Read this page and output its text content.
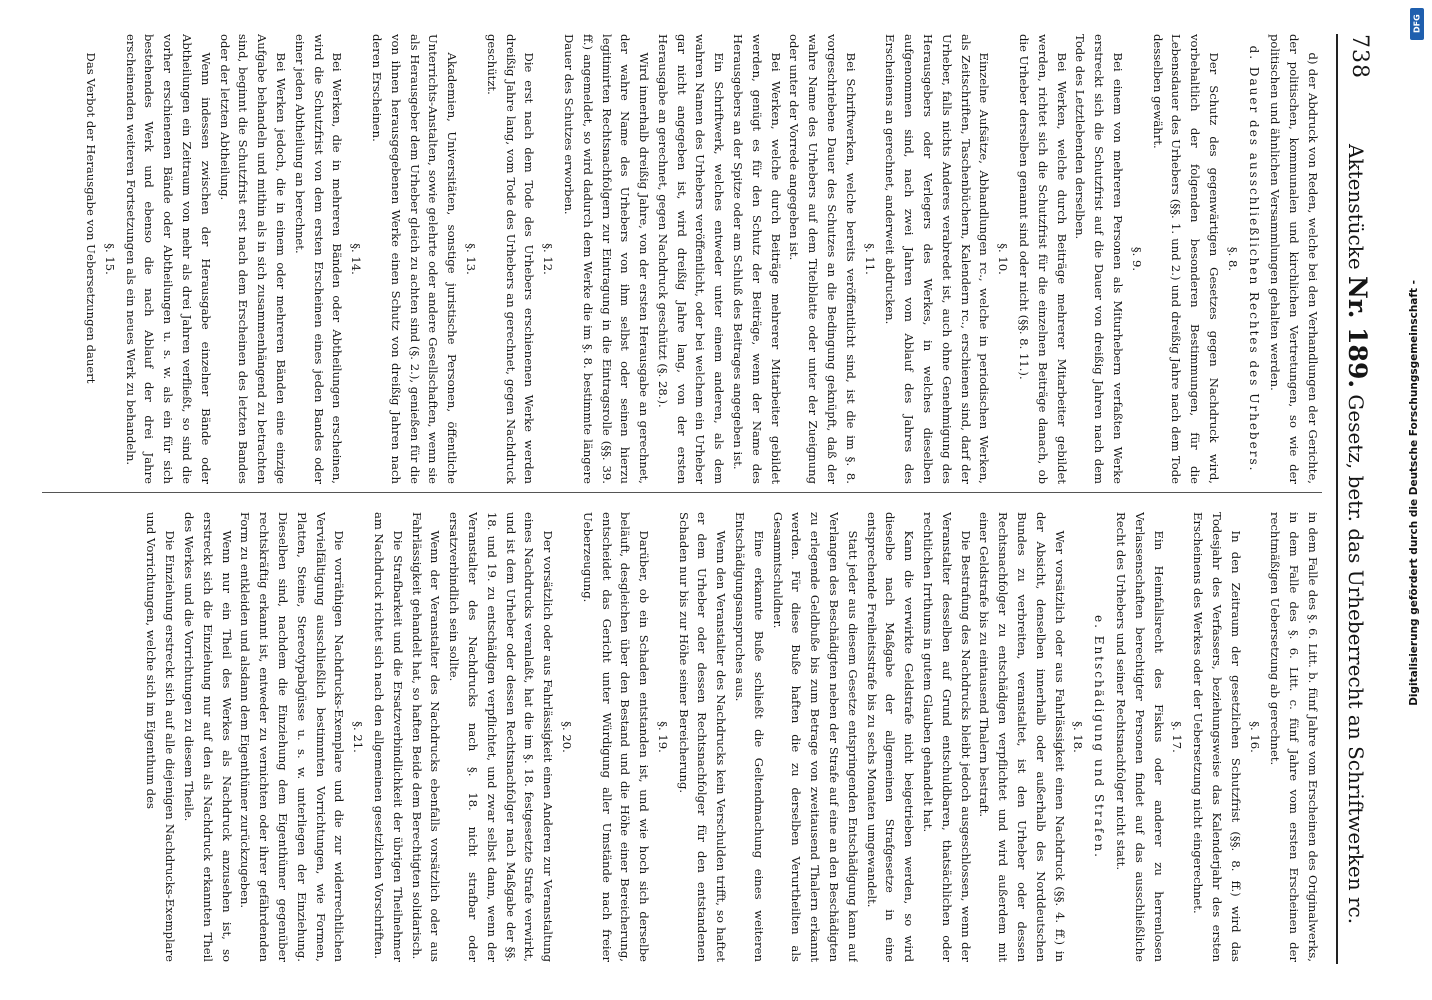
738
Aktenstücke Nr. 189. Gesetz, betr. das Urheberrecht an Schriftwerken rc.

d) der Abdruck von Reden, welche bei den Verhandlungen der Gerichte, der politischen, kommunalen und kirchlichen Vertretungen, so wie der politischen und ähnlichen Versammlungen gehalten werden.

d. Dauer des ausschließlichen Rechtes des Urhebers.

§. 8.

Der Schutz des gegenwärtigen Gesetzes gegen Nachdruck wird, vorbehaltlich der folgenden besonderen Bestimmungen, für die Lebensdauer des Urhebers (§§. 1. und 2.) und dreißig Jahre nach dem Tode desselben gewährt.

§. 9.

Bei einem von mehreren Personen als Miturhebern verfaßten Werke erstreckt sich die Schutzfrist auf die Dauer von dreißig Jahren nach dem Tode des Letztlebenden derselben.

Bei Werken, welche durch Beiträge mehrerer Mitarbeiter gebildet werden, richtet sich die Schutzfrist für die einzelnen Beiträge danach, ob die Urheber derselben genannt sind oder nicht (§§. 8. 11.).

§. 10.

Einzelne Aufsätze, Abhandlungen rc., welche in periodischen Werken, als Zeitschriften, Taschenbüchern, Kalendern rc., erschienen sind, darf der Urheber, falls nichts Anderes verabredet ist, auch ohne Genehmigung des Herausgebers oder Verlegers des Werkes, in welches dieselben aufgenommen sind, nach zwei Jahren vom Ablauf des Jahres des Erscheinens an gerechnet, anderweit abdrucken.

§. 11.

Bei Schriftwerken, welche bereits veröffentlicht sind, ist die im §. 8. vorgeschriebene Dauer des Schutzes an die Bedingung geknüpft, daß der wahre Name des Urhebers auf dem Titelblatte oder unter der Zueignung oder unter der Vorrede angegeben ist.

Bei Werken, welche durch Beiträge mehrerer Mitarbeiter gebildet werden, genügt es für den Schutz der Beiträge, wenn der Name des Herausgebers an der Spitze oder am Schluß des Beitrages angegeben ist.

Ein Schriftwerk, welches entweder unter einem anderen, als dem wahren Namen des Urhebers veröffentlicht, oder bei welchem ein Urheber gar nicht angegeben ist, wird dreißig Jahre lang, von der ersten Herausgabe an gerechnet, gegen Nachdruck geschützt (§. 28.).

Wird innerhalb dreißig Jahre, von der ersten Herausgabe an gerechnet, der wahre Name des Urhebers von ihm selbst oder seinen hierzu legitimirten Rechtsnachfolgern zur Eintragung in die Eintragsrolle (§§. 39. ff.) angemeldet, so wird dadurch dem Werke die im §. 8. bestimmte längere Dauer des Schutzes erworben.

§. 12.

Die erst nach dem Tode des Urhebers erschienenen Werke werden dreißig Jahre lang, vom Tode des Urhebers an gerechnet, gegen Nachdruck geschützt.

§. 13.

Akademien, Universitäten, sonstige juristische Personen, öffentliche Unterrichts-Anstalten, sowie gelehrte oder andere Gesellschaften, wenn sie als Herausgeber dem Urheber gleich zu achten sind (§. 2.), genießen für die von ihnen herausgegebenen Werke einen Schutz von dreißig Jahren nach deren Erscheinen.

§. 14.

Bei Werken, die in mehreren Bänden oder Abtheilungen erscheinen, wird die Schutzfrist von dem ersten Erscheinen eines jeden Bandes oder einer jeden Abtheilung an berechnet.

Bei Werken jedoch, die in einem oder mehreren Bänden eine einzige Aufgabe behandeln und mithin als in sich zusammenhängend zu betrachten sind, beginnt die Schutzfrist erst nach dem Erscheinen des letzten Bandes oder der letzten Abtheilung.

Wenn indessen zwischen der Herausgabe einzelner Bände oder Abtheilungen ein Zeitraum von mehr als drei Jahren verfließt, so sind die vorher erschienenen Bände oder Abtheilungen u. s. w. als ein für sich bestehendes Werk und ebenso die nach Ablauf der drei Jahre erscheinenden weiteren Fortsetzungen als ein neues Werk zu behandeln.

§. 15.

Das Verbot der Herausgabe von Uebersetzungen dauert

in dem Falle des §. 6. Litt. b. fünf Jahre vom Erscheinen des Originalwerks, in dem Falle des §. 6. Litt. c. fünf Jahre vom ersten Erscheinen der rechtmäßigen Uebersetzung ab gerechnet.

§. 16.

In den Zeitraum der gesetzlichen Schutzfrist (§§. 8. ff.) wird das Todesjahr des Verfassers, beziehungsweise das Kalenderjahr des ersten Erscheinens des Werkes oder der Uebersetzung nicht eingerechnet.

§. 17.

Ein Heimfallsrecht des Fiskus oder anderer zu herrenlosen Verlassenschaften berechtigter Personen findet auf das ausschließliche Recht des Urhebers und seiner Rechtsnachfolger nicht statt.

e. Entschädigung und Strafen.

§. 18.

Wer vorsätzlich oder aus Fahrlässigkeit einen Nachdruck (§§. 4. ff.) in der Absicht, denselben innerhalb oder außerhalb des Norddeutschen Bundes zu verbreiten, veranstaltet, ist den Urheber oder dessen Rechtsnachfolger zu entschädigen verpflichtet und wird außerdem mit einer Geldstrafe bis zu eintausend Thalern bestraft.

Die Bestrafung des Nachdrucks bleibt jedoch ausgeschlossen, wenn der Veranstalter desselben auf Grund entschuldbaren, thatsächlichen oder rechtlichen Irrthums in gutem Glauben gehandelt hat.

Kann die verwirkte Geldstrafe nicht beigetrieben werden, so wird dieselbe nach Maßgabe der allgemeinen Strafgesetze in eine entsprechende Freiheitsstrafe bis zu sechs Monaten umgewandelt.

Statt jeder aus diesem Gesetze entspringenden Entschädigung kann auf Verlangen des Beschädigten neben der Strafe auf eine an den Beschädigten zu erlegende Geldbuße bis zum Betrage von zweitausend Thalern erkannt werden. Für diese Buße haften die zu derselben Verurtheilten als Gesammtschuldner.

Eine erkannte Buße schließt die Geltendmachung eines weiteren Entschädigungsanspruches aus.

Wenn den Veranstalter des Nachdrucks kein Verschulden trifft, so haftet er dem Urheber oder dessen Rechtsnachfolger für den entstandenen Schaden nur bis zur Höhe seiner Bereicherung.

§. 19.

Darüber, ob ein Schaden entstanden ist, und wie hoch sich derselbe beläuft, desgleichen über den Bestand und die Höhe einer Bereicherung, entscheidet das Gericht unter Würdigung aller Umstände nach freier Ueberzeugung.

§. 20.

Der vorsätzlich oder aus Fahrlässigkeit einen Anderen zur Veranstaltung eines Nachdrucks veranlaßt, hat die im §. 18. festgesetzte Strafe verwirkt, und ist dem Urheber oder dessen Rechtsnachfolger nach Maßgabe der §§. 18. und 19. zu entschädigen verpflichtet, und zwar selbst dann, wenn der Veranstalter des Nachdrucks nach §. 18. nicht strafbar oder ersatzverbindlich sein sollte.

Wenn der Veranstalter des Nachdrucks ebenfalls vorsätzlich oder aus Fahrlässigkeit gehandelt hat, so haften Beide dem Berechtigten solidarisch.

Die Strafbarkeit und die Ersatzverbindlichkeit der übrigen Theilnehmer am Nachdruck richtet sich nach den allgemeinen gesetzlichen Vorschriften.

§. 21.

Die vorräthigen Nachdrucks-Exemplare und die zur widerrechtlichen Vervielfältigung ausschließlich bestimmten Vorrichtungen, wie Formen, Platten, Steine, Stereotypabgüsse u. s. w. unterliegen der Einziehung. Dieselben sind, nachdem die Einziehung dem Eigenthümer gegenüber rechtskräftig erkannt ist, entweder zu vernichten oder ihrer gefährdenden Form zu entkleiden und alsdann dem Eigenthümer zurückzugeben.

Wenn nur ein Theil des Werkes als Nachdruck anzusehen ist, so erstreckt sich die Einziehung nur auf den als Nachdruck erkannten Theil des Werkes und die Vorrichtungen zu diesem Theile.

Die Einziehung erstreckt sich auf alle diejenigen Nachdrucks-Exemplare und Vorrichtungen, welche sich im Eigenthum des

DFG
Digitalisierung gefördert durch die Deutsche Forschungsgemeinschaft -
